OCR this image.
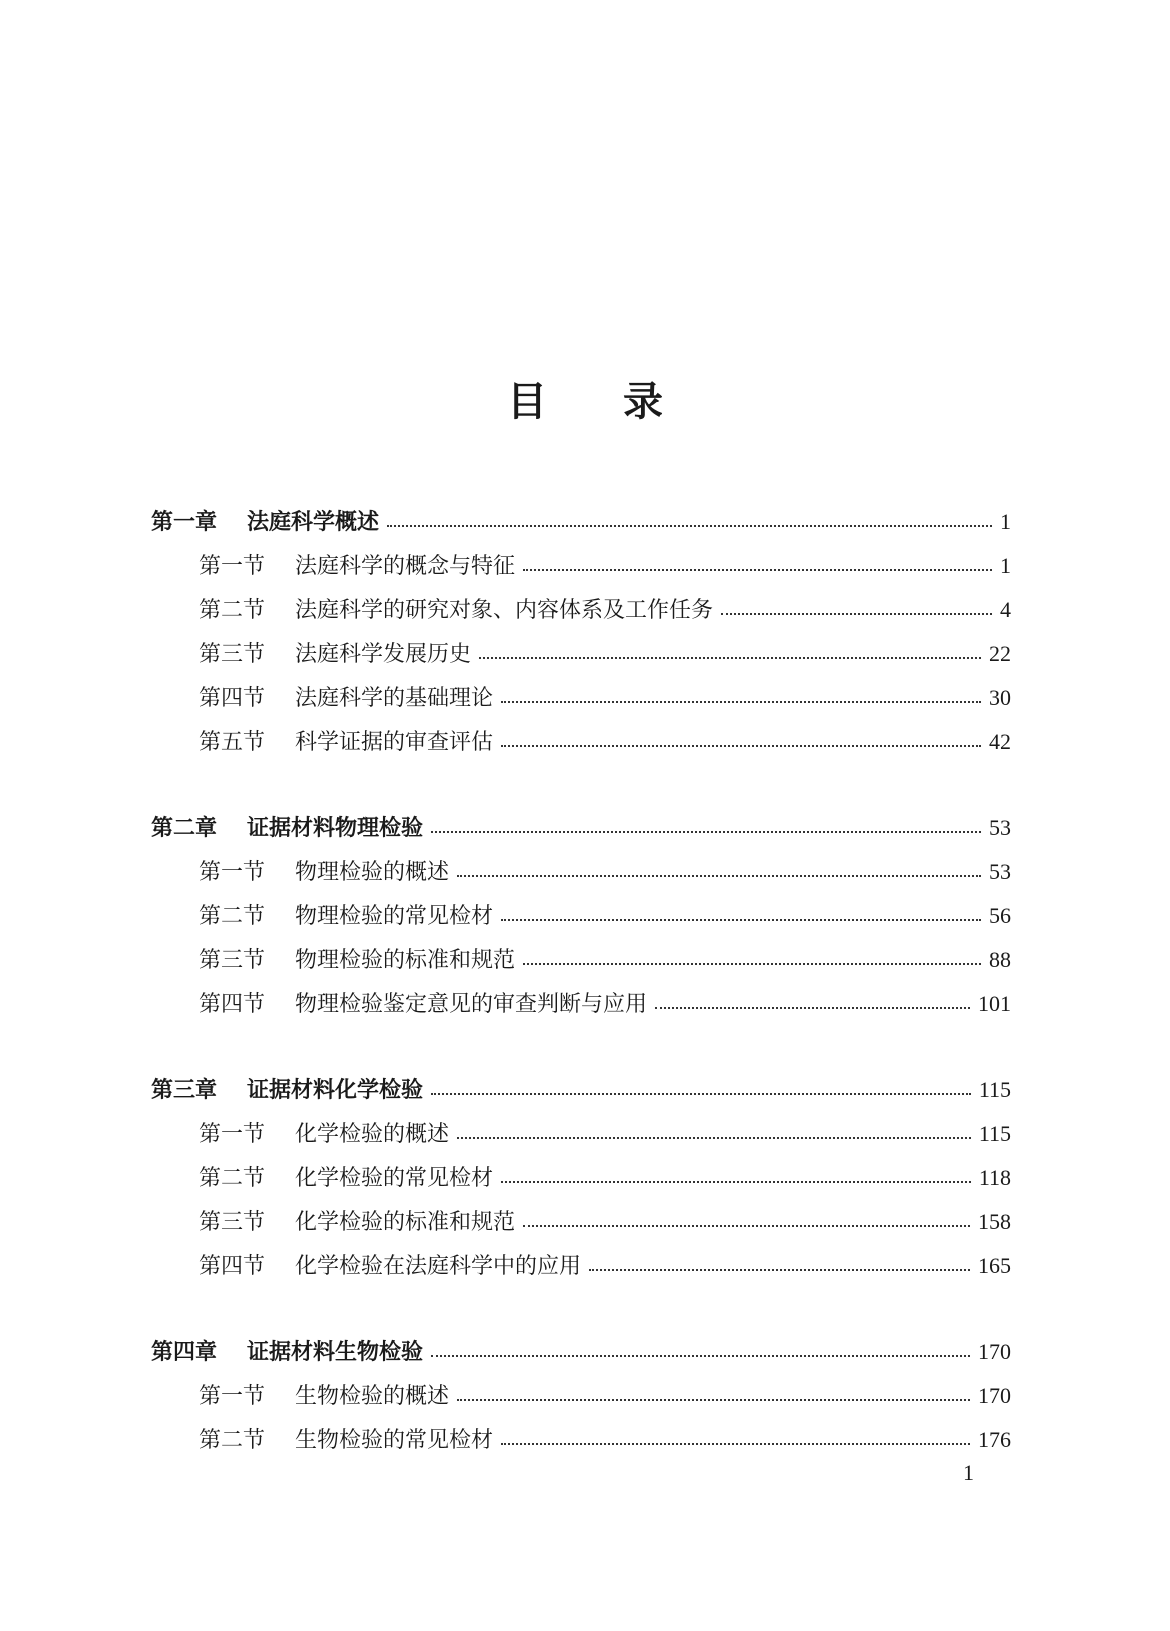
目 录
第一章	法庭科学概述	1
第一节	法庭科学的概念与特征	1
第二节	法庭科学的研究对象、内容体系及工作任务	4
第三节	法庭科学发展历史	22
第四节	法庭科学的基础理论	30
第五节	科学证据的审查评估	42
第二章	证据材料物理检验	53
第一节	物理检验的概述	53
第二节	物理检验的常见检材	56
第三节	物理检验的标准和规范	88
第四节	物理检验鉴定意见的审查判断与应用	101
第三章	证据材料化学检验	115
第一节	化学检验的概述	115
第二节	化学检验的常见检材	118
第三节	化学检验的标准和规范	158
第四节	化学检验在法庭科学中的应用	165
第四章	证据材料生物检验	170
第一节	生物检验的概述	170
第二节	生物检验的常见检材	176
1
